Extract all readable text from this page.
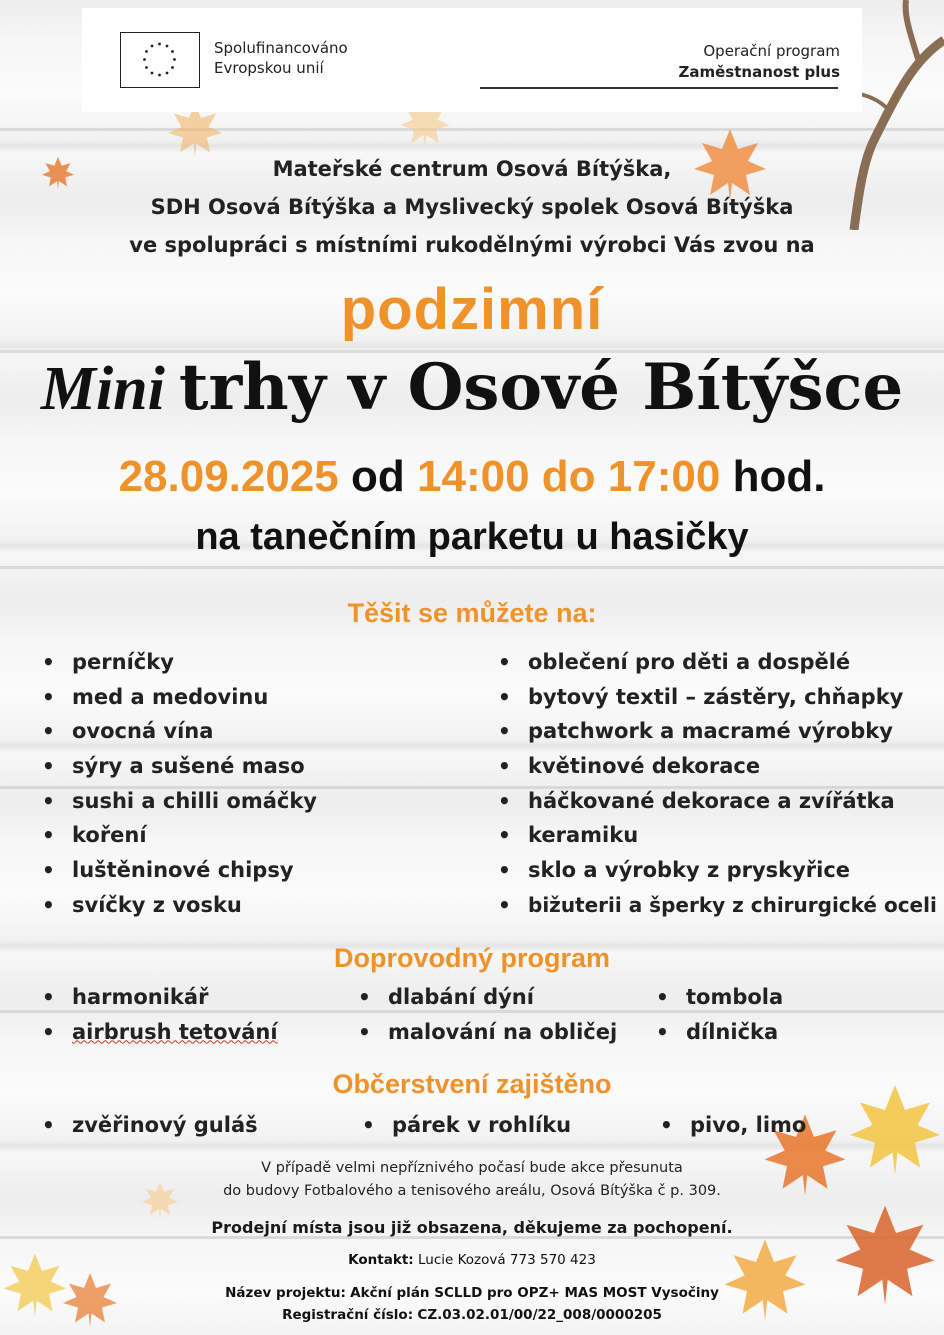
Spolufinancováno
Evropskou unií
Operační program
Zaměstnanost plus
Mateřské centrum Osová Bítýška,
SDH Osová Bítýška a Myslivecký spolek Osová Bítýška
ve spolupráci s místními rukodělnými výrobci Vás zvou na
podzimní
Mini trhy v Osové Bítýšce
28.09.2025 od 14:00 do 17:00 hod.
na tanečním parketu u hasičky
Těšit se můžete na:
• perníčky
• med a medovinu
• ovocná vína
• sýry a sušené maso
• sushi a chilli omáčky
• koření
• luštěninové chipsy
• svíčky z vosku
• oblečení pro děti a dospělé
• bytový textil – zástěry, chňapky
• patchwork a macramé výrobky
• květinové dekorace
• háčkované dekorace a zvířátka
• keramiku
• sklo a výrobky z pryskyřice
• bižuterii a šperky z chirurgické oceli
Doprovodný program
• harmonikář
• airbrush tetování
• dlabání dýní
• malování na obličej
• tombola
• dílnička
Občerstvení zajištěno
• zvěřinový guláš	• párek v rohlíku	• pivo, limo
V případě velmi nepříznivého počasí bude akce přesunuta
do budovy Fotbalového a tenisového areálu, Osová Bítýška č p. 309.
Prodejní místa jsou již obsazena, děkujeme za pochopení.
Kontakt: Lucie Kozová 773 570 423
Název projektu: Akční plán SCLLD pro OPZ+ MAS MOST Vysočiny
Registrační číslo: CZ.03.02.01/00/22_008/0000205
